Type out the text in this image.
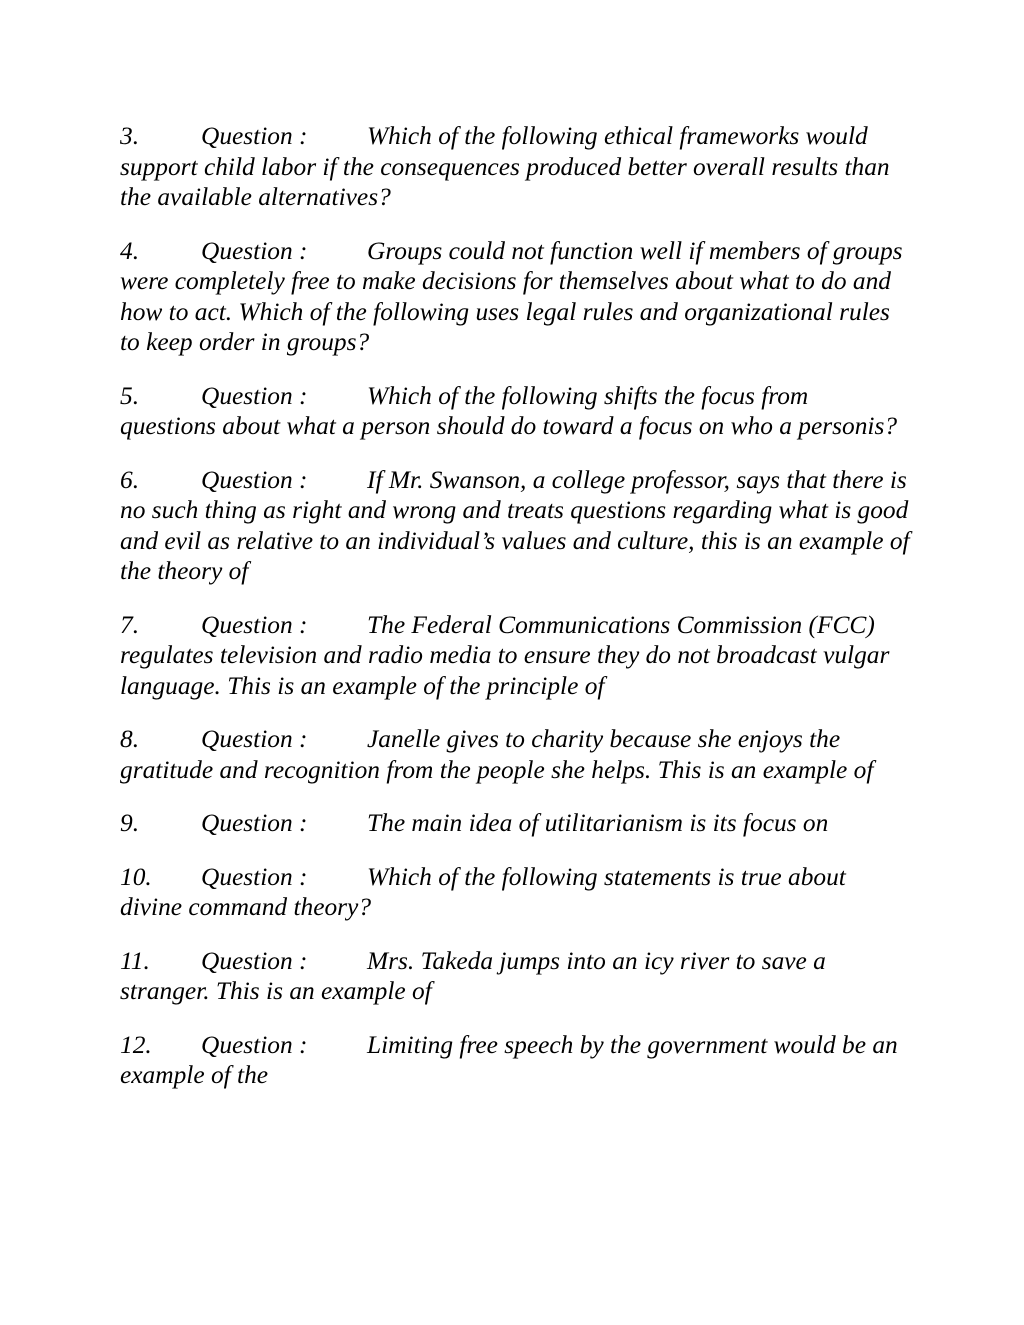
3. Question : Which of the following ethical frameworks would support child labor if the consequences produced better overall results than the available alternatives?

4. Question : Groups could not function well if members of groups were completely free to make decisions for themselves about what to do and how to act. Which of the following uses legal rules and organizational rules to keep order in groups?

5. Question : Which of the following shifts the focus from questions about what a person should do toward a focus on who a personis?

6. Question : If Mr. Swanson, a college professor, says that there is no such thing as right and wrong and treats questions regarding what is good and evil as relative to an individual’s values and culture, this is an example of the theory of

7. Question : The Federal Communications Commission (FCC) regulates television and radio media to ensure they do not broadcast vulgar language. This is an example of the principle of

8. Question : Janelle gives to charity because she enjoys the gratitude and recognition from the people she helps. This is an example of

9. Question : The main idea of utilitarianism is its focus on

10. Question : Which of the following statements is true about divine command theory?

11. Question : Mrs. Takeda jumps into an icy river to save a stranger. This is an example of

12. Question : Limiting free speech by the government would be an example of the
